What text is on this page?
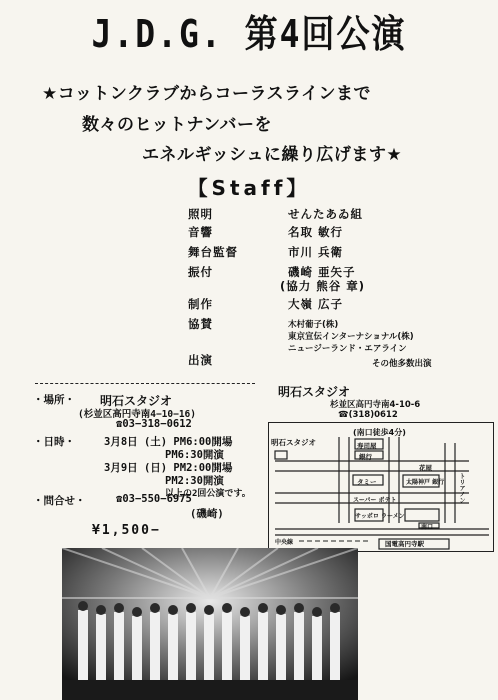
J.D.G. 第4回公演
★コットンクラブからコーラスラインまで
数々のヒットナンバーを
エネルギッシュに繰り広げます★
【Staff】
照明	せんたあゐ組
音響	名取 敏行
舞台監督	市川 兵衛
振付	磯崎 亜矢子
(協力 熊谷 章)
制作	大嶺 広子
協賛	木村葡子(株)
東京宣伝インターナショナル(株)
ニュージーランド・エアライン
出演	その他多数出演
・場所・ 明石スタジオ
(杉並区高円寺南4−10−16)
☎03−318−0612
・日時・	3月8日 (土) PM6:00開場
PM6:30開演
3月9日 (日) PM2:00開場
PM2:30開演
以上の2回公演です。
・問合せ・	☎03−550−6975
(磯崎)
¥1,500−
明石スタジオ
杉並区高円寺南4-10-6
☎(318)0612
明石スタジオ
(南口徒歩4分)
寿司屋
銀行
タミー
花屋
スーパー ポテト
太陽神戸 銀行
サッポロ ラーメン
トリアノン
南口
国電高円寺駅
中央線
